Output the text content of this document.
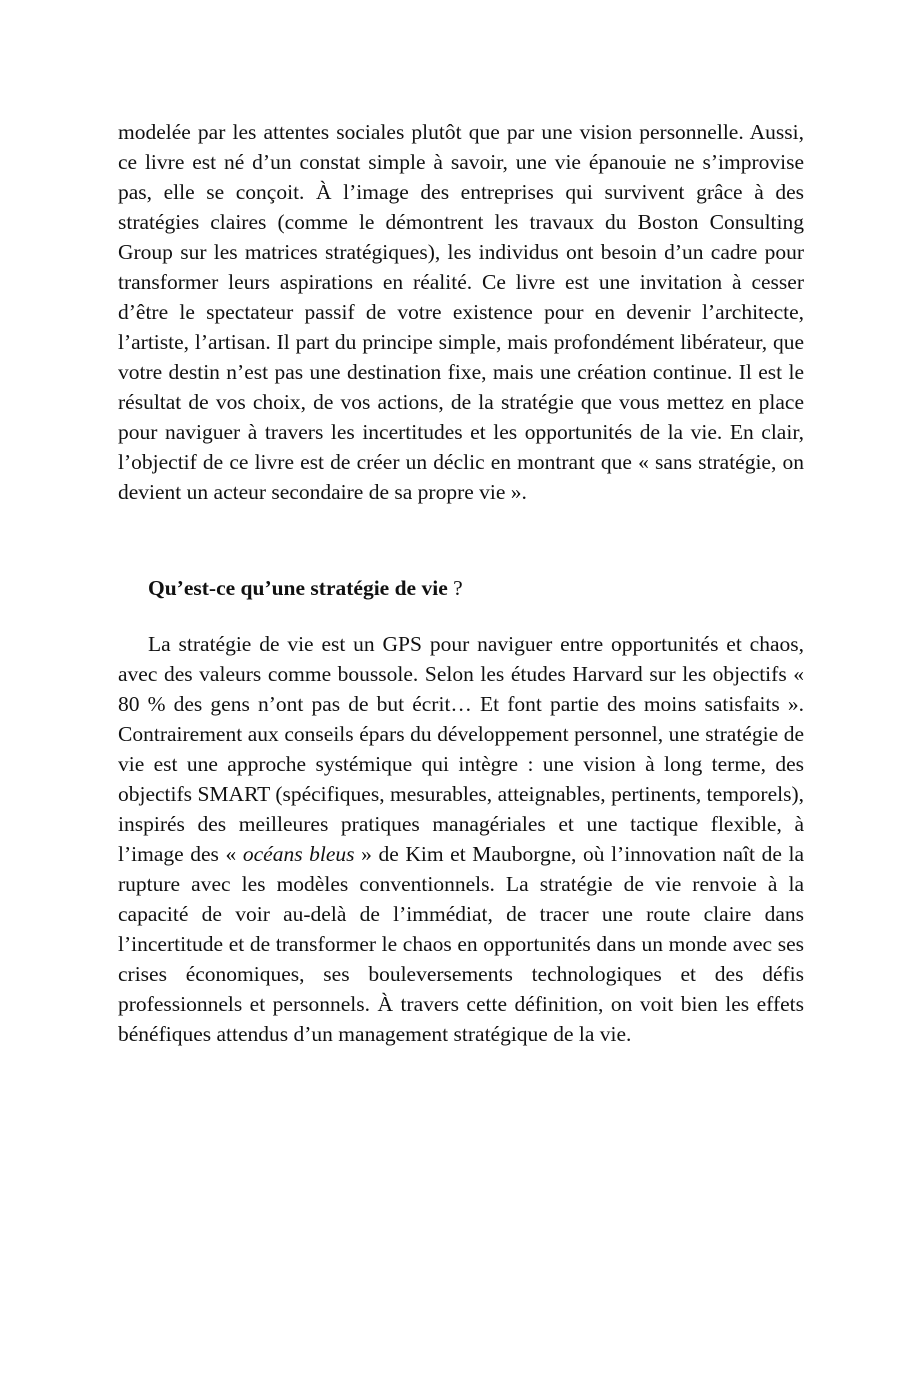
modelée par les attentes sociales plutôt que par une vision personnelle. Aussi, ce livre est né d’un constat simple à savoir, une vie épanouie ne s’improvise pas, elle se conçoit. À l’image des entreprises qui survivent grâce à des stratégies claires (comme le démontrent les travaux du Boston Consulting Group sur les matrices stratégiques), les individus ont besoin d’un cadre pour transformer leurs aspirations en réalité. Ce livre est une invitation à cesser d’être le spectateur passif de votre existence pour en devenir l’architecte, l’artiste, l’artisan. Il part du principe simple, mais profondément libérateur, que votre destin n’est pas une destination fixe, mais une création continue. Il est le résultat de vos choix, de vos actions, de la stratégie que vous mettez en place pour naviguer à travers les incertitudes et les opportunités de la vie. En clair, l’objectif de ce livre est de créer un déclic en montrant que « sans stratégie, on devient un acteur secondaire de sa propre vie ».

Qu’est-ce qu’une stratégie de vie ?

La stratégie de vie est un GPS pour naviguer entre opportunités et chaos, avec des valeurs comme boussole. Selon les études Harvard sur les objectifs « 80 % des gens n’ont pas de but écrit… Et font partie des moins satisfaits ». Contrairement aux conseils épars du développement personnel, une stratégie de vie est une approche systémique qui intègre : une vision à long terme, des objectifs SMART (spécifiques, mesurables, atteignables, pertinents, temporels), inspirés des meilleures pratiques managériales et une tactique flexible, à l’image des « océans bleus » de Kim et Mauborgne, où l’innovation naît de la rupture avec les modèles conventionnels. La stratégie de vie renvoie à la capacité de voir au-delà de l’immédiat, de tracer une route claire dans l’incertitude et de transformer le chaos en opportunités dans un monde avec ses crises économiques, ses bouleversements technologiques et des défis professionnels et personnels. À travers cette définition, on voit bien les effets bénéfiques attendus d’un management stratégique de la vie.
